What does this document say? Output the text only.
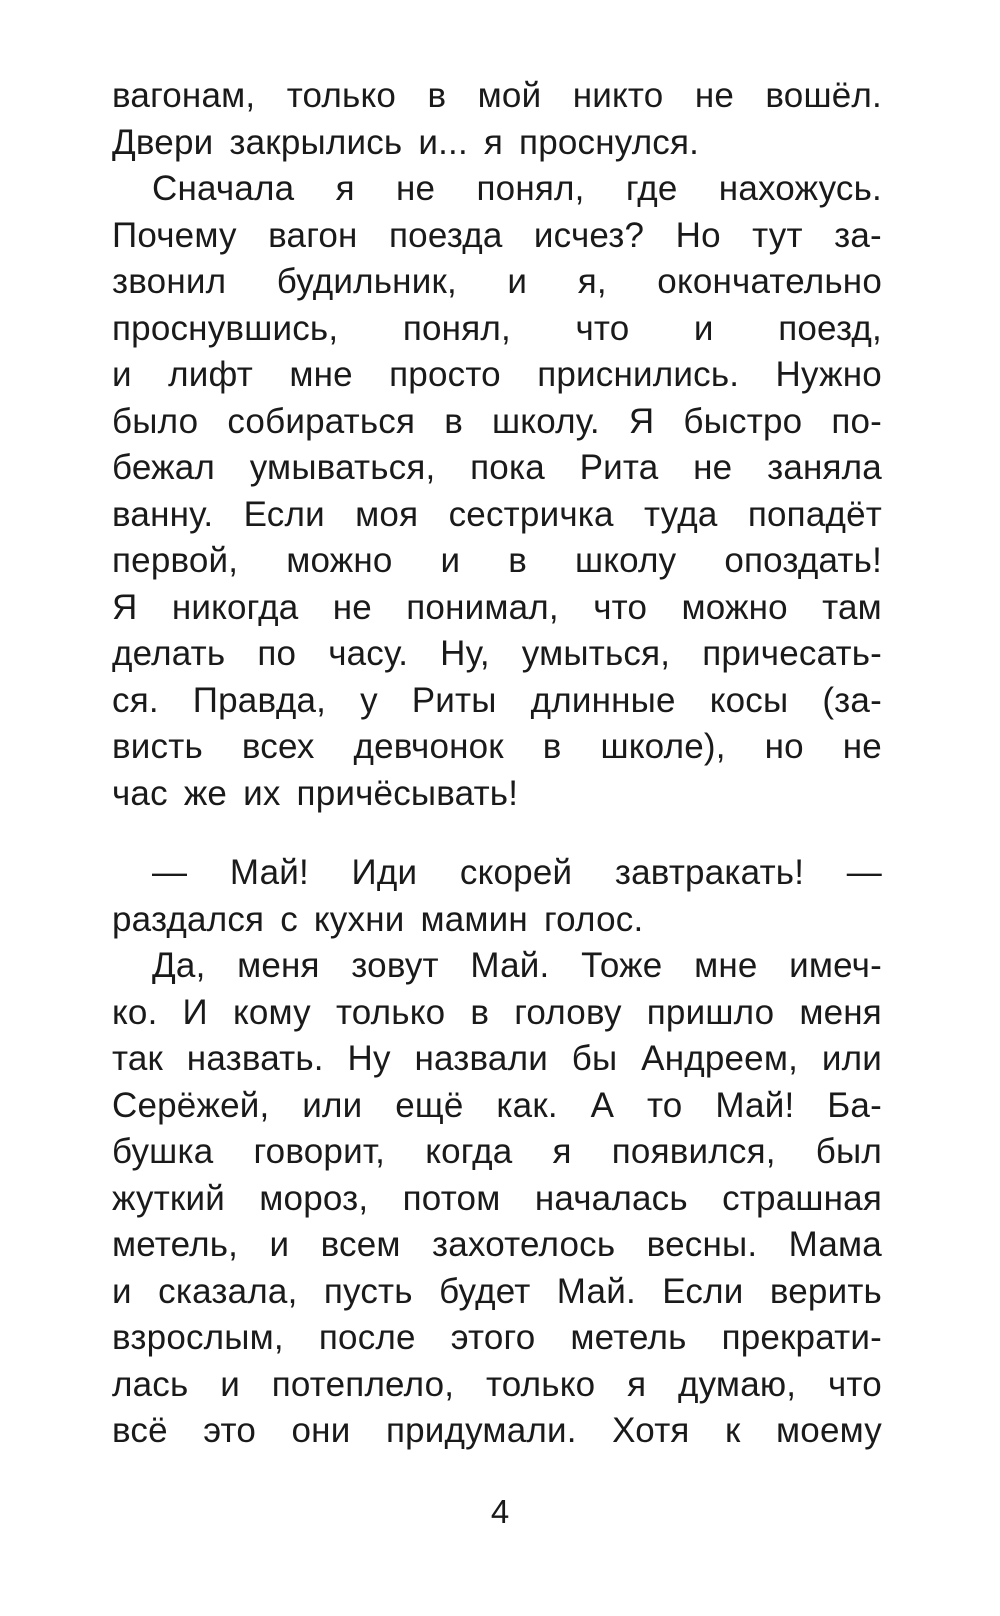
вагонам, только в мой никто не вошёл.
Двери закрылись и... я проснулся.
Сначала я не понял, где нахожусь.
Почему вагон поезда исчез? Но тут за-
звонил будильник, и я, окончательно
проснувшись, понял, что и поезд,
и лифт мне просто приснились. Нужно
было собираться в школу. Я быстро по-
бежал умываться, пока Рита не заняла
ванну. Если моя сестричка туда попадёт
первой, можно и в школу опоздать!
Я никогда не понимал, что можно там
делать по часу. Ну, умыться, причесать-
ся. Правда, у Риты длинные косы (за-
висть всех девчонок в школе), но не
час же их причёсывать!
— Май! Иди скорей завтракать! —
раздался с кухни мамин голос.
Да, меня зовут Май. Тоже мне имеч-
ко. И кому только в голову пришло меня
так назвать. Ну назвали бы Андреем, или
Серёжей, или ещё как. А то Май! Ба-
бушка говорит, когда я появился, был
жуткий мороз, потом началась страшная
метель, и всем захотелось весны. Мама
и сказала, пусть будет Май. Если верить
взрослым, после этого метель прекрати-
лась и потеплело, только я думаю, что
всё это они придумали. Хотя к моему
4
